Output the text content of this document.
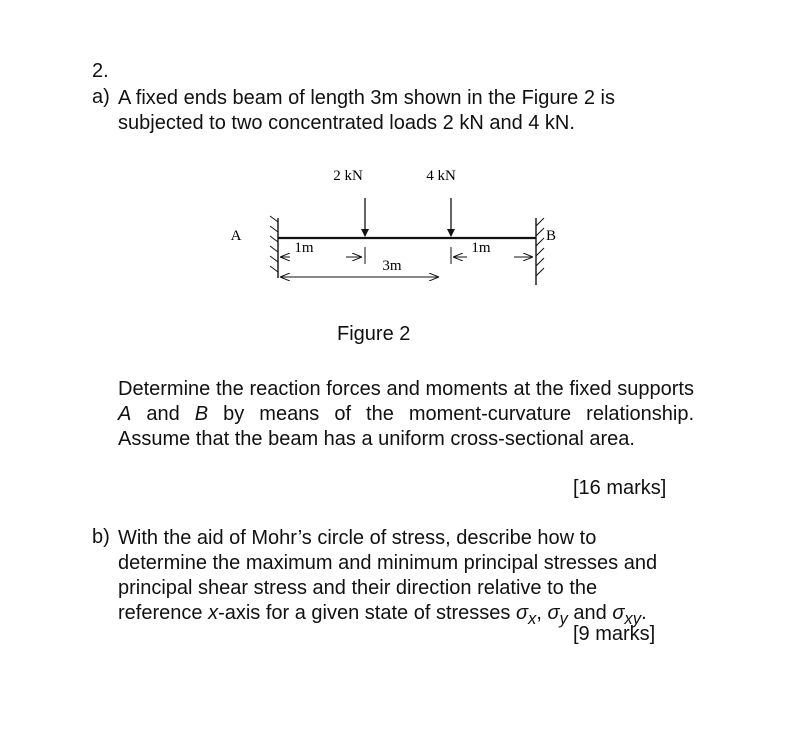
2.
a) A fixed ends beam of length 3m shown in the Figure 2 is
subjected to two concentrated loads 2 kN and 4 kN.
2 kN	4 kN
A	B
1m	1m
3m
Figure 2
Determine the reaction forces and moments at the fixed supports A and B by means of the moment-curvature relationship. Assume that the beam has a uniform cross-sectional area.
[16 marks]
b) With the aid of Mohr’s circle of stress, describe how to
determine the maximum and minimum principal stresses and
principal shear stress and their direction relative to the
reference x-axis for a given state of stresses $\sigma_x$, $\sigma_y$ and $\sigma_{xy}$.
[9 marks]
